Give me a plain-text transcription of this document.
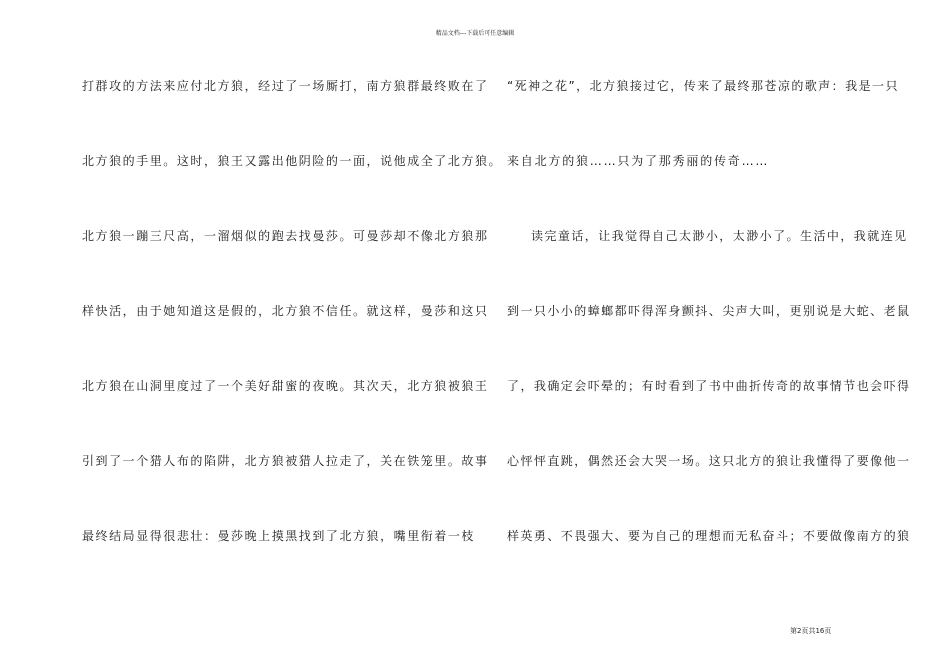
精品文档---下载后可任意编辑
打群攻的方法来应付北方狼，经过了一场厮打，南方狼群最终败在了
北方狼的手里。这时，狼王又露出他阴险的一面，说他成全了北方狼。
北方狼一蹦三尺高，一溜烟似的跑去找曼莎。可曼莎却不像北方狼那
样快活，由于她知道这是假的，北方狼不信任。就这样，曼莎和这只
北方狼在山洞里度过了一个美好甜蜜的夜晚。其次天，北方狼被狼王
引到了一个猎人布的陷阱，北方狼被猎人拉走了，关在铁笼里。故事
最终结局显得很悲壮：曼莎晚上摸黑找到了北方狼，嘴里衔着一枝
“死神之花”，北方狼接过它，传来了最终那苍凉的歌声：我是一只
来自北方的狼……只为了那秀丽的传奇……
读完童话，让我觉得自己太渺小，太渺小了。生活中，我就连见
到一只小小的蟑螂都吓得浑身颤抖、尖声大叫，更别说是大蛇、老鼠
了，我确定会吓晕的；有时看到了书中曲折传奇的故事情节也会吓得
心怦怦直跳，偶然还会大哭一场。这只北方的狼让我懂得了要像他一
样英勇、不畏强大、要为自己的理想而无私奋斗；不要做像南方的狼
第2页共16页
